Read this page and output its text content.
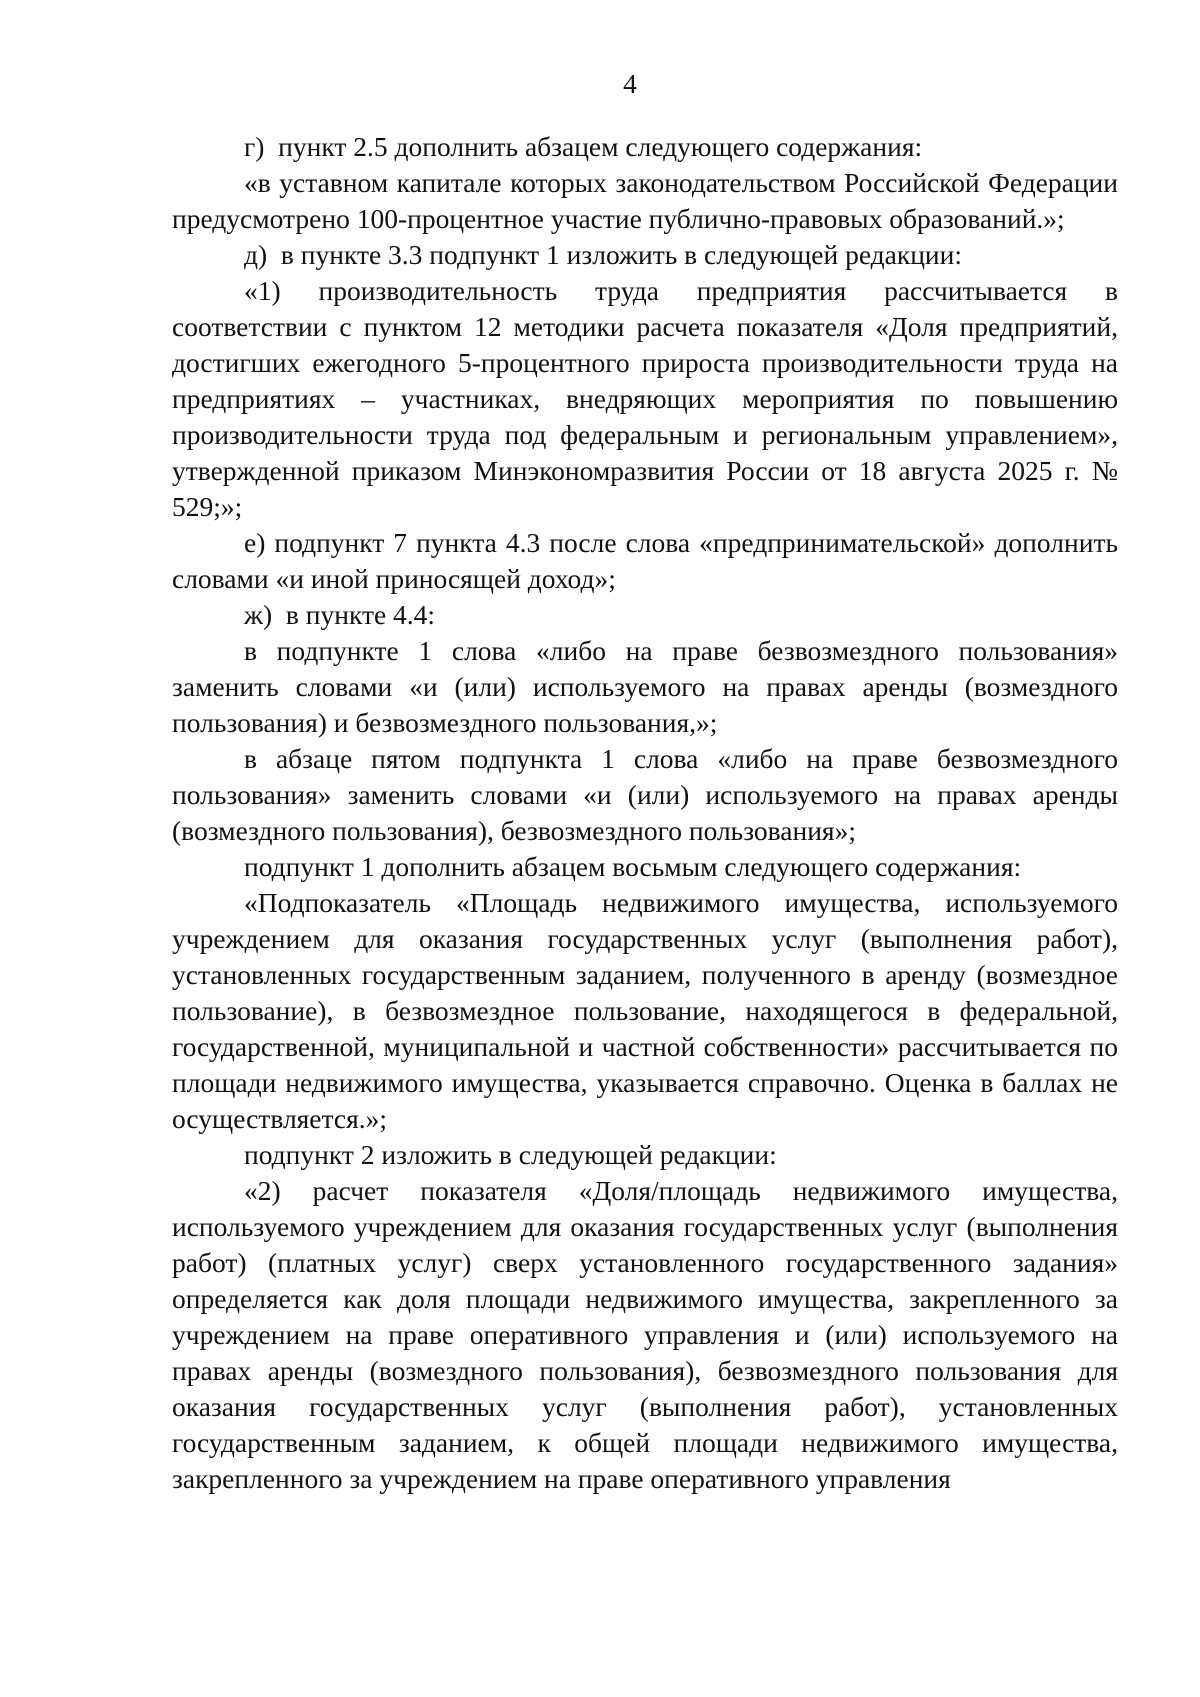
4

г) пункт 2.5 дополнить абзацем следующего содержания:

«в уставном капитале которых законодательством Российской Федерации предусмотрено 100-процентное участие публично-правовых образований.»;

д) в пункте 3.3 подпункт 1 изложить в следующей редакции:

«1) производительность труда предприятия рассчитывается в соответствии с пунктом 12 методики расчета показателя «Доля предприятий, достигших ежегодного 5-процентного прироста производительности труда на предприятиях – участниках, внедряющих мероприятия по повышению производительности труда под федеральным и региональным управлением», утвержденной приказом Минэкономразвития России от 18 августа 2025 г. № 529;»;

е) подпункт 7 пункта 4.3 после слова «предпринимательской» дополнить словами «и иной приносящей доход»;

ж) в пункте 4.4:

в подпункте 1 слова «либо на праве безвозмездного пользования» заменить словами «и (или) используемого на правах аренды (возмездного пользования) и безвозмездного пользования,»;

в абзаце пятом подпункта 1 слова «либо на праве безвозмездного пользования» заменить словами «и (или) используемого на правах аренды (возмездного пользования), безвозмездного пользования»;

подпункт 1 дополнить абзацем восьмым следующего содержания:

«Подпоказатель «Площадь недвижимого имущества, используемого учреждением для оказания государственных услуг (выполнения работ), установленных государственным заданием, полученного в аренду (возмездное пользование), в безвозмездное пользование, находящегося в федеральной, государственной, муниципальной и частной собственности» рассчитывается по площади недвижимого имущества, указывается справочно. Оценка в баллах не осуществляется.»;

подпункт 2 изложить в следующей редакции:

«2) расчет показателя «Доля/площадь недвижимого имущества, используемого учреждением для оказания государственных услуг (выполнения работ) (платных услуг) сверх установленного государственного задания» определяется как доля площади недвижимого имущества, закрепленного за учреждением на праве оперативного управления и (или) используемого на правах аренды (возмездного пользования), безвозмездного пользования для оказания государственных услуг (выполнения работ), установленных государственным заданием, к общей площади недвижимого имущества, закрепленного за учреждением на праве оперативного управления
